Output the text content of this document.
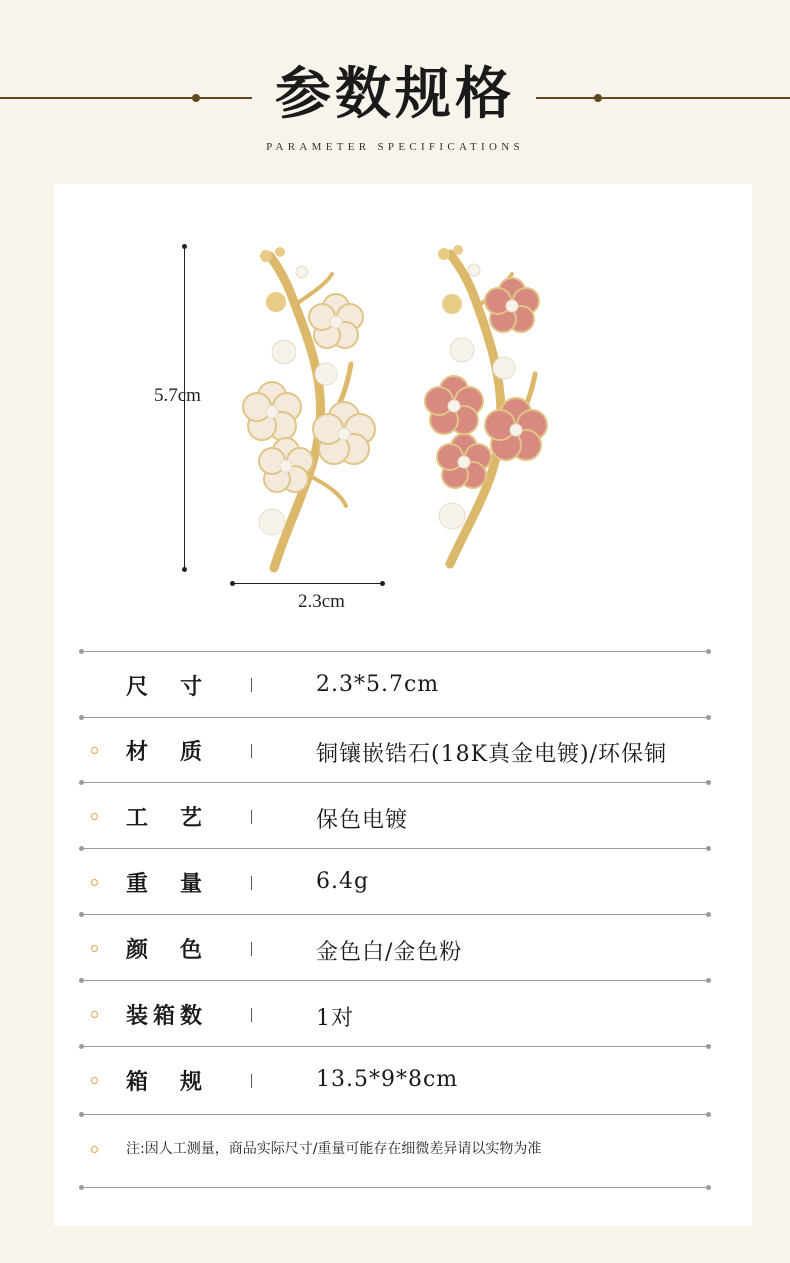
参数规格
PARAMETER SPECIFICATIONS
5.7cm
2.3cm
尺寸	2.3*5.7cm
材质	铜镶嵌锆石(18K真金电镀)/环保铜
工艺	保色电镀
重量	6.4g
颜色	金色白/金色粉
装箱数	1对
箱规	13.5*9*8cm
注:因人工测量，商品实际尺寸/重量可能存在细微差异请以实物为准
